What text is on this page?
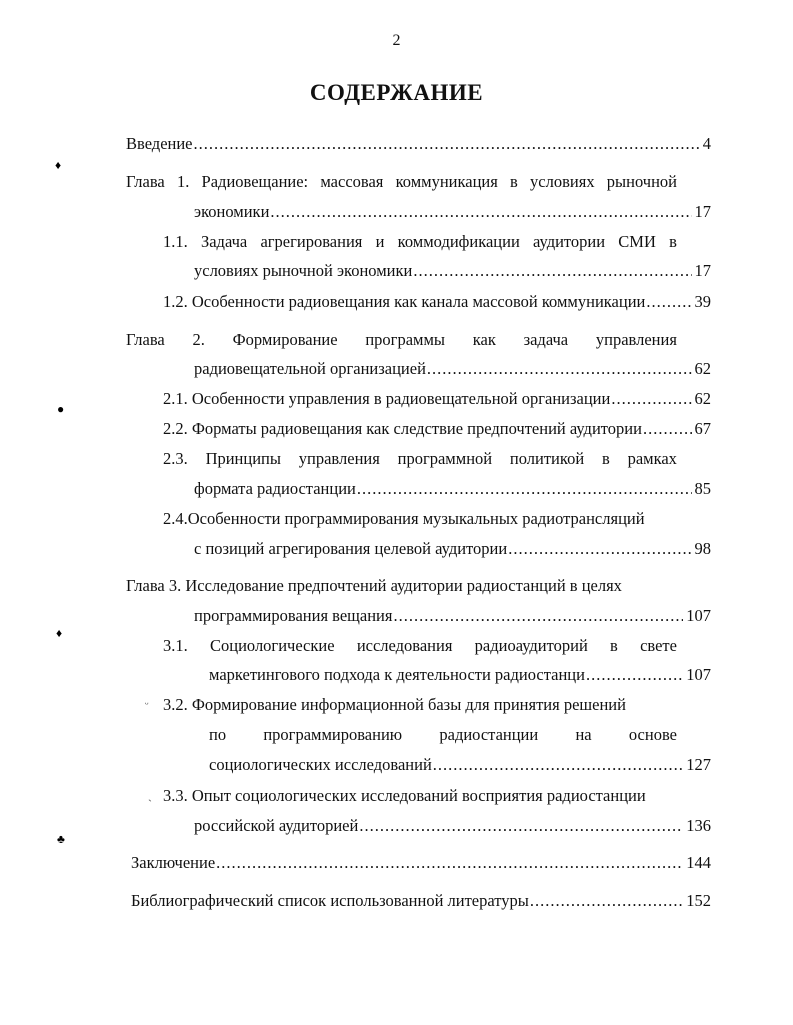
2
СОДЕРЖАНИЕ
Введение .....	4
Глава 1. Радиовещание: массовая коммуникация в условиях рыночной
экономики .....	17
1.1. Задача агрегирования и коммодификации аудитории СМИ в
условиях рыночной экономики .....	17
1.2. Особенности радиовещания как канала массовой коммуникации .....	39
Глава 2. Формирование программы как задача управления
радиовещательной организацией .....	62
2.1. Особенности управления в радиовещательной организации .....	62
2.2. Форматы радиовещания как следствие предпочтений аудитории .....	67
2.3. Принципы управления программной политикой в рамках
формата радиостанции .....	85
2.4.Особенности программирования музыкальных радиотрансляций
с позиций агрегирования целевой аудитории .....	98
Глава 3. Исследование предпочтений аудитории радиостанций в целях
программирования вещания .....	107
3.1. Социологические исследования радиоаудиторий в свете
маркетингового подхода к деятельности радиостанци .....	107
3.2. Формирование информационной базы для принятия решений
по программированию радиостанции на основе
социологических исследований .....	127
3.3. Опыт социологических исследований восприятия радиостанции
российской аудиторией .....	136
Заключение .....	144
Библиографический список использованной литературы .....	152
♦
●
♦
♣
ᵕ
ˏ
